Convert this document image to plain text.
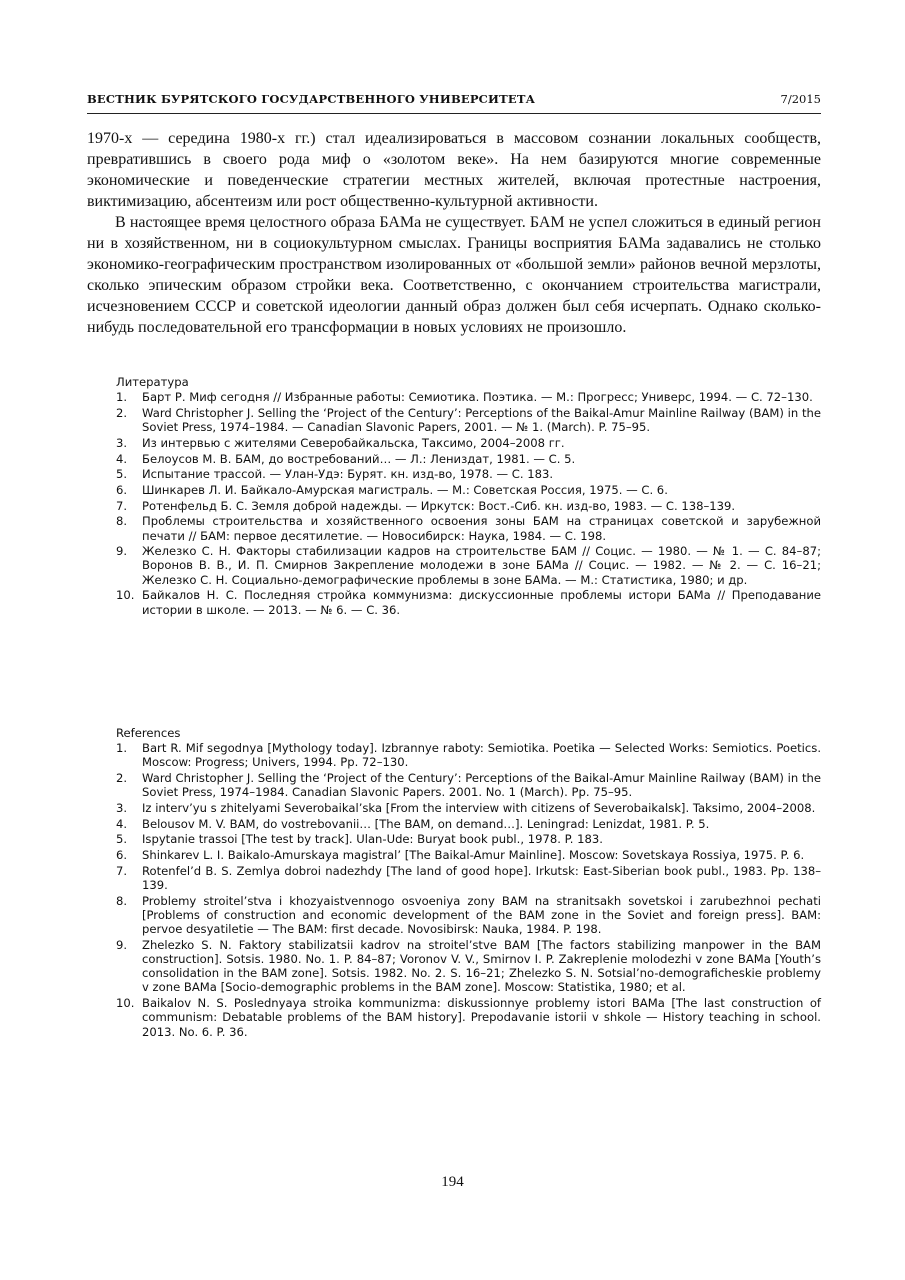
ВЕСТНИК БУРЯТСКОГО ГОСУДАРСТВЕННОГО УНИВЕРСИТЕТА	7/2015

1970-х — середина 1980-х гг.) стал идеализироваться в массовом сознании локальных сообществ, превратившись в своего рода миф о «золотом веке». На нем базируются многие современные экономические и поведенческие стратегии местных жителей, включая протестные настроения, виктимизацию, абсентеизм или рост общественно-культурной активности.

В настоящее время целостного образа БАМа не существует. БАМ не успел сложиться в единый регион ни в хозяйственном, ни в социокультурном смыслах. Границы восприятия БАМа задавались не столько экономико-географическим пространством изолированных от «большой земли» районов вечной мерзлоты, сколько эпическим образом стройки века. Соответственно, с окончанием строительства магистрали, исчезновением СССР и советской идеологии данный образ должен был себя исчерпать. Однако сколько-нибудь последовательной его трансформации в новых условиях не произошло.

Литература
1.	Барт Р. Миф сегодня // Избранные работы: Семиотика. Поэтика. — М.: Прогресс; Универс, 1994. — С. 72–130.
2.	Ward Christopher J. Selling the ‘Project of the Century’: Perceptions of the Baikal-Amur Mainline Railway (BAM) in the Soviet Press, 1974–1984. — Canadian Slavonic Papers, 2001. — № 1. (March). P. 75–95.
3.	Из интервью с жителями Северобайкальска, Таксимо, 2004–2008 гг.
4.	Белоусов М. В. БАМ, до востребований… — Л.: Лениздат, 1981. — С. 5.
5.	Испытание трассой. — Улан-Удэ: Бурят. кн. изд-во, 1978. — С. 183.
6.	Шинкарев Л. И. Байкало-Амурская магистраль. — М.: Советская Россия, 1975. — С. 6.
7.	Ротенфельд Б. С. Земля доброй надежды. — Иркутск: Вост.-Сиб. кн. изд-во, 1983. — С. 138–139.
8.	Проблемы строительства и хозяйственного освоения зоны БАМ на страницах советской и зарубежной печати // БАМ: первое десятилетие. — Новосибирск: Наука, 1984. — С. 198.
9.	Железко С. Н. Факторы стабилизации кадров на строительстве БАМ // Социс. — 1980. — № 1. — С. 84–87; Воронов В. В., И. П. Смирнов Закрепление молодежи в зоне БАМа // Социс. — 1982. — № 2. — С. 16–21; Железко С. Н. Социально-демографические проблемы в зоне БАМа. — М.: Статистика, 1980; и др.
10. Байкалов Н. С. Последняя стройка коммунизма: дискуссионные проблемы истори БАМа // Преподавание истории в школе. — 2013. — № 6. — С. 36.
References
1.	Bart R. Mif segodnya [Mythology today]. Izbrannye raboty: Semiotika. Poetika — Selected Works: Semiotics. Poetics. Moscow: Progress; Univers, 1994. Pp. 72–130.
2.	Ward Christopher J. Selling the ‘Project of the Century’: Perceptions of the Baikal-Amur Mainline Railway (BAM) in the Soviet Press, 1974–1984. Canadian Slavonic Papers. 2001. No. 1 (March). Pp. 75–95.
3.	Iz interv’yu s zhitelyami Severobaikal’ska [From the interview with citizens of Severobaikalsk]. Taksimo, 2004–2008.
4.	Belousov M. V. BAM, do vostrebovanii… [The BAM, on demand…]. Leningrad: Lenizdat, 1981. P. 5.
5.	Ispytanie trassoi [The test by track]. Ulan-Ude: Buryat book publ., 1978. P. 183.
6.	Shinkarev L. I. Baikalo-Amurskaya magistral’ [The Baikal-Amur Mainline]. Moscow: Sovetskaya Rossiya, 1975. P. 6.
7.	Rotenfel’d B. S. Zemlya dobroi nadezhdy [The land of good hope]. Irkutsk: East-Siberian book publ., 1983. Pp. 138–139.
8.	Problemy stroitel’stva i khozyaistvennogo osvoeniya zony BAM na stranitsakh sovetskoi i zarubezhnoi pechati [Problems of construction and economic development of the BAM zone in the Soviet and foreign press]. BAM: pervoe desyatiletie — The BAM: first decade. Novosibirsk: Nauka, 1984. P. 198.
9.	Zhelezko S. N. Faktory stabilizatsii kadrov na stroitel’stve BAM [The factors stabilizing manpower in the BAM construction]. Sotsis. 1980. No. 1. P. 84–87; Voronov V. V., Smirnov I. P. Zakreplenie molodezhi v zone BAMa [Youth’s consolidation in the BAM zone]. Sotsis. 1982. No. 2. S. 16–21; Zhelezko S. N. Sotsial’no-demograficheskie problemy v zone BAMa [Socio-demographic problems in the BAM zone]. Moscow: Statistika, 1980; et al.
10. Baikalov N. S. Poslednyaya stroika kommunizma: diskussionnye problemy istori BAMa [The last construction of communism: Debatable problems of the BAM history]. Prepodavanie istorii v shkole — History teaching in school. 2013. No. 6. P. 36.
194
